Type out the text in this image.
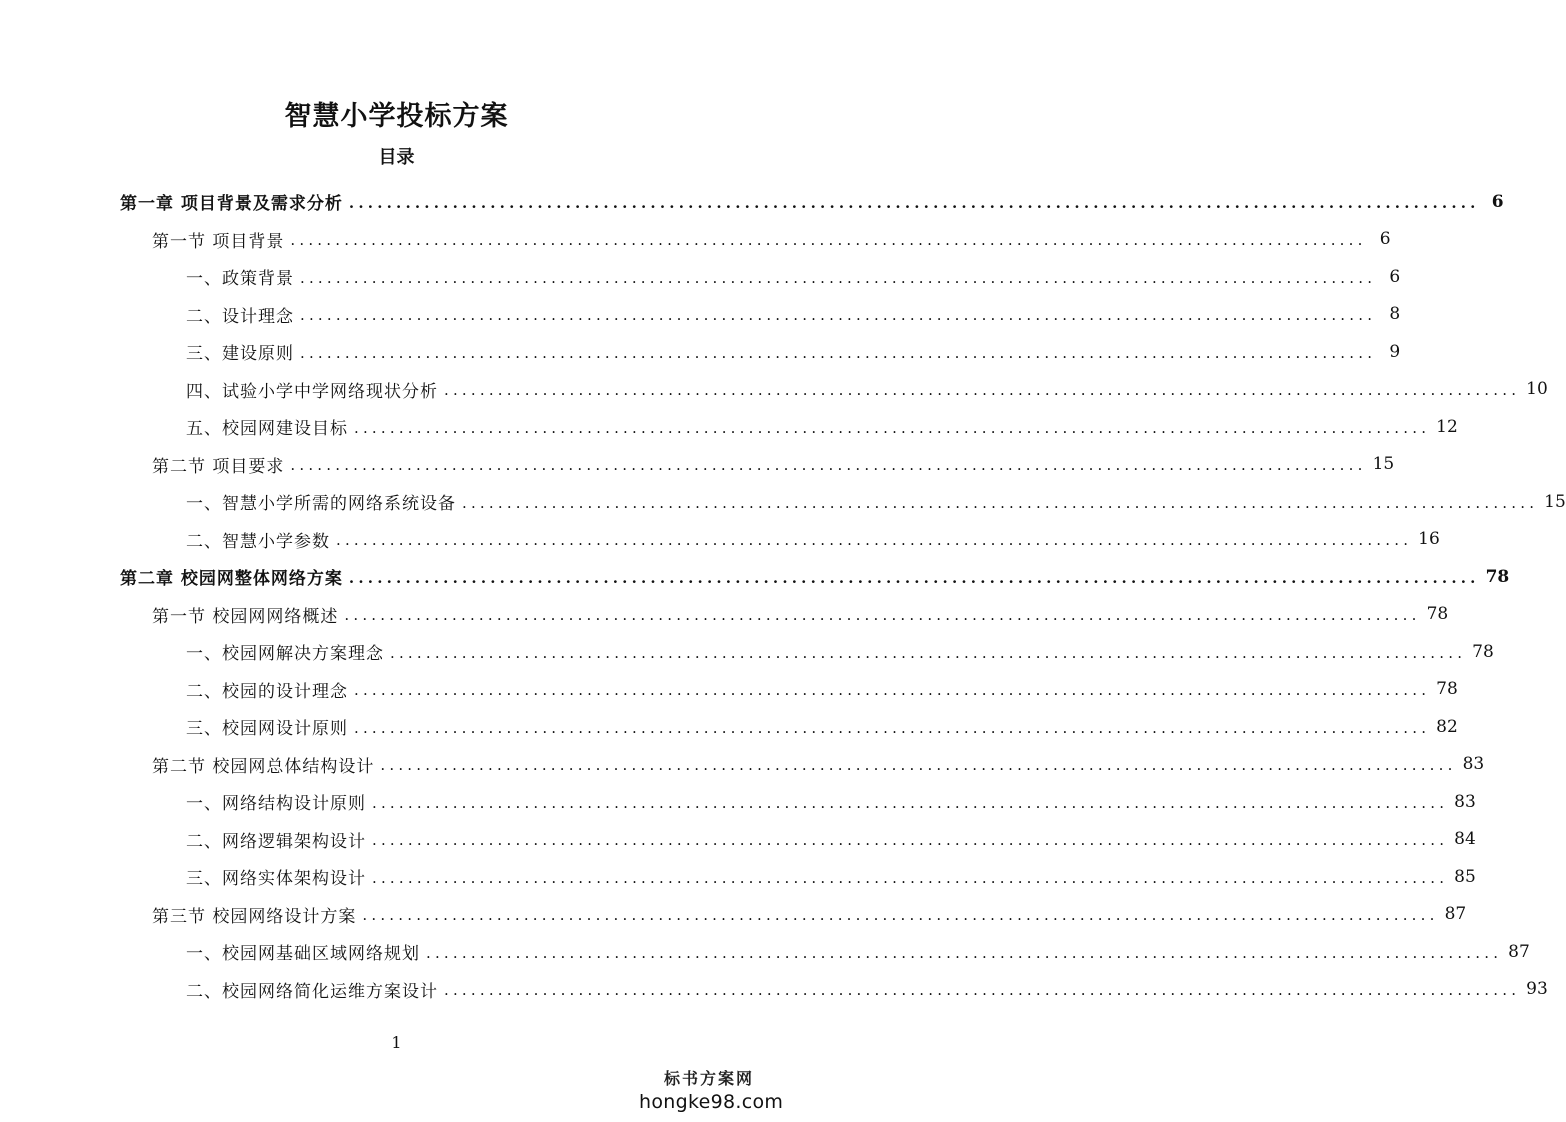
智慧小学投标方案
目录
第一章 项目背景及需求分析 ........................................................................................................................ 6
第一节 项目背景 ........................................................................................................................ 6
一、政策背景 ........................................................................................................................ 6
二、设计理念 ........................................................................................................................ 8
三、建设原则 ........................................................................................................................ 9
四、试验小学中学网络现状分析 ........................................................................................................................ 10
五、校园网建设目标 ........................................................................................................................ 12
第二节 项目要求 ........................................................................................................................ 15
一、智慧小学所需的网络系统设备 ........................................................................................................................ 15
二、智慧小学参数 ........................................................................................................................ 16
第二章 校园网整体网络方案 ........................................................................................................................ 78
第一节 校园网网络概述 ........................................................................................................................ 78
一、校园网解决方案理念 ........................................................................................................................ 78
二、校园的设计理念 ........................................................................................................................ 78
三、校园网设计原则 ........................................................................................................................ 82
第二节 校园网总体结构设计 ........................................................................................................................ 83
一、网络结构设计原则 ........................................................................................................................ 83
二、网络逻辑架构设计 ........................................................................................................................ 84
三、网络实体架构设计 ........................................................................................................................ 85
第三节 校园网络设计方案 ........................................................................................................................ 87
一、校园网基础区域网络规划 ........................................................................................................................ 87
二、校园网络简化运维方案设计 ........................................................................................................................ 93
1
标书方案网
hongke98.com
